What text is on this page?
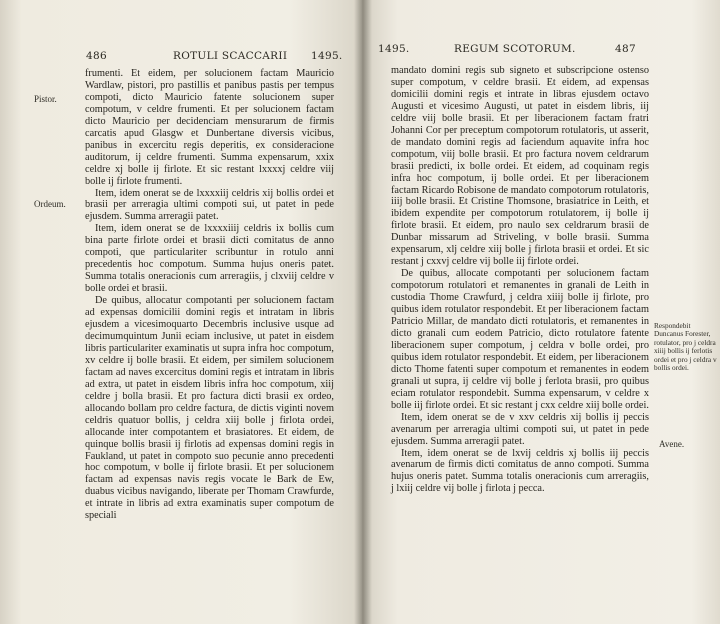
486	ROTULI SCACCARII 1495.
Pistor.
Ordeum.

frumenti. Et eidem, per solucionem factam Mauricio Wardlaw, pistori, pro pastillis et panibus pastis per tempus compoti, dicto Mauricio fatente solucionem super compotum, v celdre frumenti. Et per solucionem factam dicto Mauricio per decidenciam mensurarum de firmis carcatis apud Glasgw et Dunbertane diversis vicibus, panibus in excercitu regis deperitis, ex consideracione auditorum, ij celdre frumenti. Summa expensarum, xxix celdre xj bolle ij firlote. Et sic restant lxxxxj celdre viij bolle ij firlote frumenti.

Item, idem onerat se de lxxxxiij celdris xij bollis ordei et brasii per arreragia ultimi compoti sui, ut patet in pede ejusdem. Summa arreragii patet.

Item, idem onerat se de lxxxxiiij celdris ix bollis cum bina parte firlote ordei et brasii dicti comitatus de anno compoti, que particulariter scribuntur in rotulo anni precedentis hoc compotum. Summa hujus oneris patet. Summa totalis oneracionis cum arreragiis, j clxviij celdre v bolle ordei et brasii.

De quibus, allocatur compotanti per solucionem factam ad expensas domicilii domini regis et intratam in libris ejusdem a vicesimoquarto Decembris inclusive usque ad decimumquintum Junii eciam inclusive, ut patet in eisdem libris particulariter examinatis ut supra infra hoc compotum, xv celdre ij bolle brasii. Et eidem, per similem solucionem factam ad naves excercitus domini regis et intratam in libris ad extra, ut patet in eisdem libris infra hoc compotum, xiij celdre j bolla brasii. Et pro factura dicti brasii ex ordeo, allocando bollam pro celdre factura, de dictis viginti novem celdris quatuor bollis, j celdra xiij bolle j firlota ordei, allocande inter compotantem et brasiatores. Et eidem, de quinque bollis brasii ij firlotis ad expensas domini regis in Faukland, ut patet in compoto suo pecunie anno precedenti hoc compotum, v bolle ij firlote brasii. Et per solucionem factam ad expensas navis regis vocate le Bark de Ew, duabus vicibus navigando, liberate per Thomam Crawfurde, et intrate in libris ad extra examinatis super compotum de speciali

1495.	REGUM SCOTORUM.	487
Respondebit Duncanus Forester, rotulator, pro j celdra xiiij bollis ij ferlotis ordei et pro j celdra v bollis ordei.
Avene.

mandato domini regis sub signeto et subscripcione ostenso super compotum, v celdre brasii. Et eidem, ad expensas domicilii domini regis et intrate in libras ejusdem octavo Augusti et vicesimo Augusti, ut patet in eisdem libris, iij celdre viij bolle brasii. Et per liberacionem factam fratri Johanni Cor per preceptum compotorum rotulatoris, ut asserit, de mandato domini regis ad faciendum aquavite infra hoc compotum, viij bolle brasii. Et pro factura novem celdrarum brasii predicti, ix bolle ordei. Et eidem, ad coquinam regis infra hoc compotum, ij bolle ordei. Et per liberacionem factam Ricardo Robisone de mandato compotorum rotulatoris, iiij bolle brasii. Et Cristine Thomsone, brasiatrice in Leith, et ibidem expendite per compotorum rotulatorem, ij bolle ij firlote brasii. Et eidem, pro naulo sex celdrarum brasii de Dunbar missarum ad Striveling, v bolle brasii. Summa expensarum, xlj celdre xiij bolle j firlota brasii et ordei. Et sic restant j cxxvj celdre vij bolle iij firlote ordei.

De quibus, allocate compotanti per solucionem factam compotorum rotulatori et remanentes in granali de Leith in custodia Thome Crawfurd, j celdra xiiij bolle ij firlote, pro quibus idem rotulator respondebit. Et per liberacionem factam Patricio Millar, de mandato dicti rotulatoris, et remanentes in dicto granali cum eodem Patricio, dicto rotulatore fatente liberacionem super compotum, j celdra v bolle ordei, pro quibus idem rotulator respondebit. Et eidem, per liberacionem dicto Thome fatenti super compotum et remanentes in eodem granali ut supra, ij celdre vij bolle j ferlota brasii, pro quibus eciam rotulator respondebit. Summa expensarum, v celdre x bolle iij firlote ordei. Et sic restant j cxx celdre xiij bolle ordei.

Item, idem onerat se de v xxv celdris xij bollis ij peccis avenarum per arreragia ultimi compoti sui, ut patet in pede ejusdem. Summa arreragii patet.

Item, idem onerat se de lxvij celdris xj bollis iij peccis avenarum de firmis dicti comitatus de anno compoti. Summa hujus oneris patet. Summa totalis oneracionis cum arreragiis, j lxiij celdre vij bolle j firlota j pecca.
